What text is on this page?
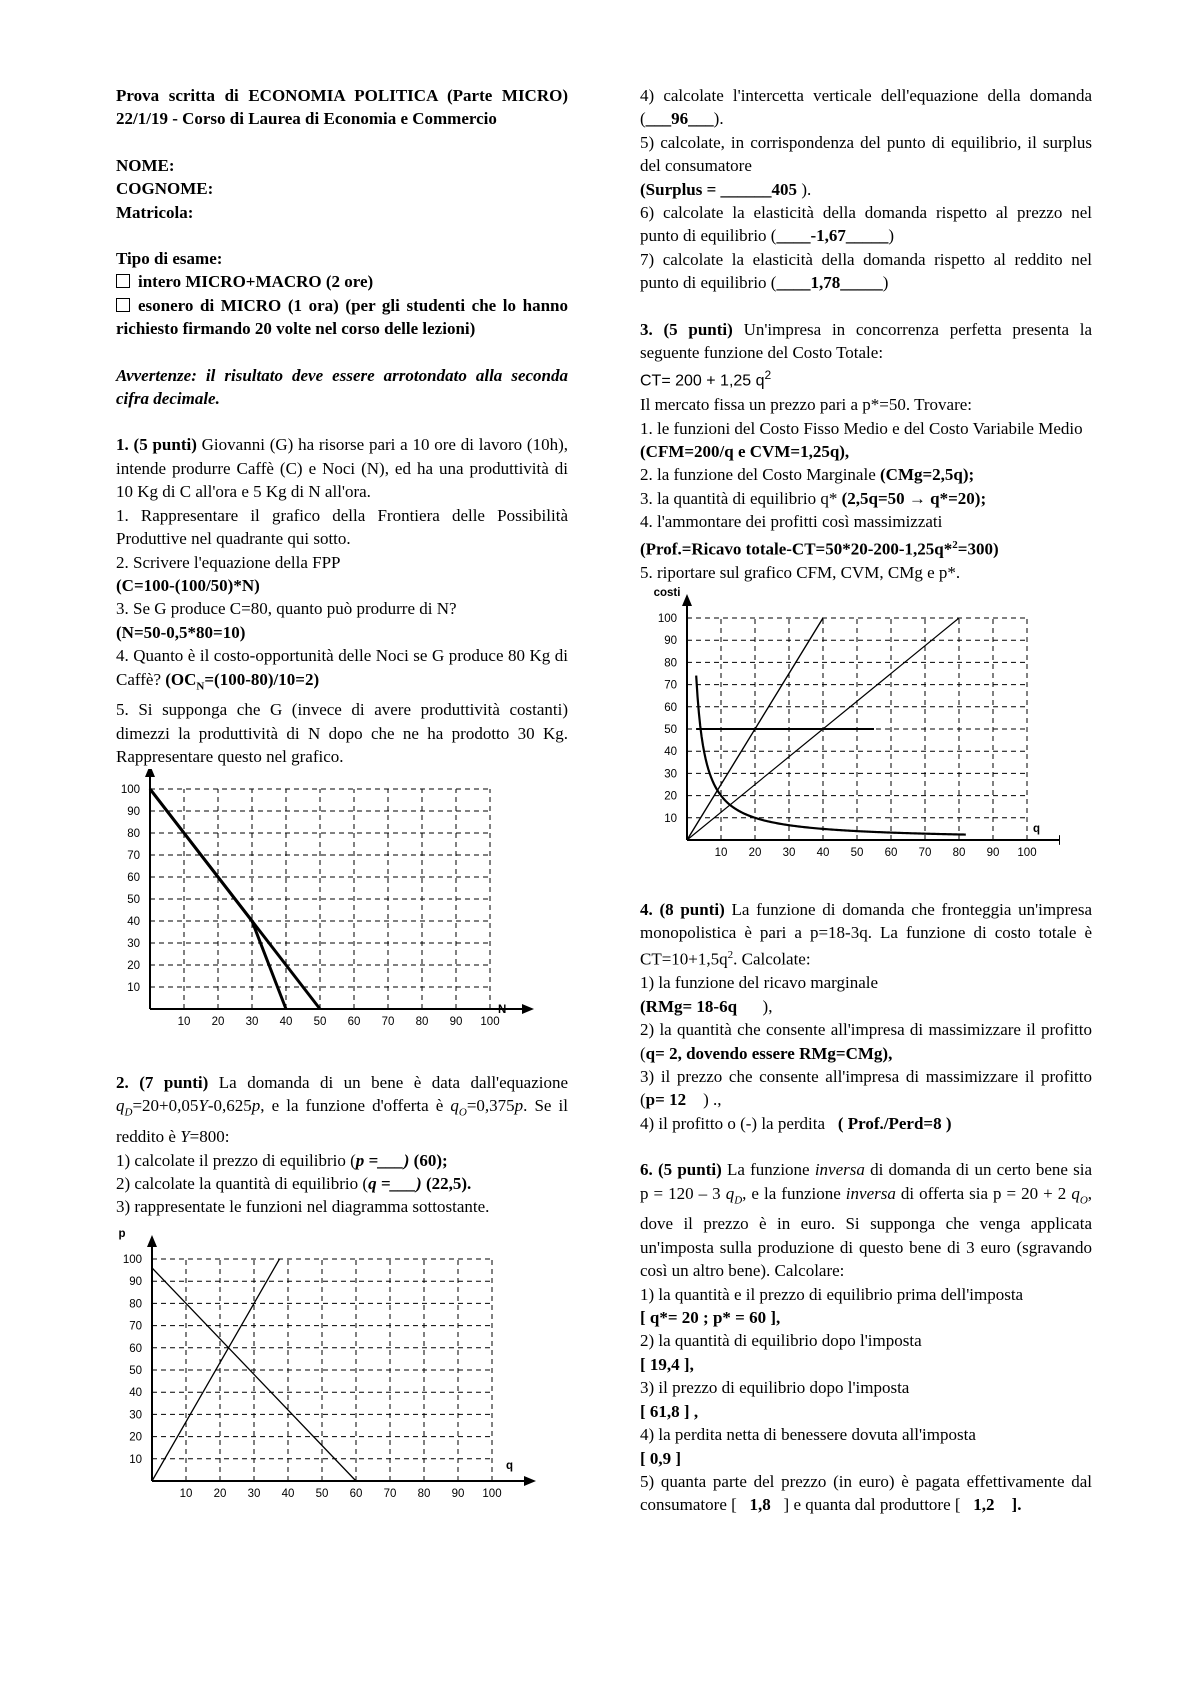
Prova scritta di ECONOMIA POLITICA (Parte MICRO) 22/1/19 - Corso di Laurea di Economia e Commercio

NOME:

COGNOME:

Matricola:

Tipo di esame:

intero MICRO+MACRO (2 ore)

esonero di MICRO (1 ora) (per gli studenti che lo hanno richiesto firmando 20 volte nel corso delle lezioni)

Avvertenze: il risultato deve essere arrotondato alla seconda cifra decimale.

1. (5 punti) Giovanni (G) ha risorse pari a 10 ore di lavoro (10h), intende produrre Caffè (C) e Noci (N), ed ha una produttività di 10 Kg di C all'ora e 5 Kg di N all'ora.

1. Rappresentare il grafico della Frontiera delle Possibilità Produttive nel quadrante qui sotto.

2. Scrivere l'equazione della FPP

(C=100-(100/50)*N)

3. Se G produce C=80, quanto può produrre di N?

(N=50-0,5*80=10)

4. Quanto è il costo-opportunità delle Noci se G produce 80 Kg di Caffè? $(OC_N=(100-80)/10=2)$

5. Si supponga che G (invece di avere produttività costanti) dimezzi la produttività di N dopo che ne ha prodotto 30 Kg. Rappresentare questo nel grafico.

10 20 30 40 50 60 70 80 90 100
10
20
30
40
50
60
70
80
90
100
N

2. (7 punti) La domanda di un bene è data dall'equazione $q_D=20+0,05Y-0,625p$, e la funzione d'offerta è $q_O=0,375p$. Se il reddito è Y=800:

1) calcolate il prezzo di equilibrio (p =___) (60);

2) calcolate la quantità di equilibrio (q =___) (22,5).

3) rappresentate le funzioni nel diagramma sottostante.

10 20 30 40 50 60 70 80 90 100
10
20
30
40
50
60
70
80
90
100
q
p

4) calcolate l'intercetta verticale dell'equazione della domanda (___96___).

5) calcolate, in corrispondenza del punto di equilibrio, il surplus del consumatore

(Surplus = ______405 ).

6) calcolate la elasticità della domanda rispetto al prezzo nel punto di equilibrio (____-1,67_____)

7) calcolate la elasticità della domanda rispetto al reddito nel punto di equilibrio (____1,78_____)

3. (5 punti) Un'impresa in concorrenza perfetta presenta la seguente funzione del Costo Totale:

CT= 200 + 1,25 $q^2$

Il mercato fissa un prezzo pari a p*=50. Trovare:

1. le funzioni del Costo Fisso Medio e del Costo Variabile Medio (CFM=200/q e CVM=1,25q),

2. la funzione del Costo Marginale (CMg=2,5q);

3. la quantità di equilibrio q* (2,5q=50 → q*=20);

4. l'ammontare dei profitti così massimizzati

(Prof.=Ricavo totale-CT=50*20-200-1,25q*$^2$=300)

5. riportare sul grafico CFM, CVM, CMg e p*.

10 20 30 40 50 60 70 80 90 100
10
20
30
40
50
60
70
80
90
100
q
costi

4. (8 punti) La funzione di domanda che fronteggia un'impresa monopolistica è pari a p=18-3q. La funzione di costo totale è $CT=10+1,5q^2$. Calcolate:

1) la funzione del ricavo marginale

(RMg= 18-6q ),

2) la quantità che consente all'impresa di massimizzare il profitto (q= 2, dovendo essere RMg=CMg),

3) il prezzo che consente all'impresa di massimizzare il profitto (p= 12 ) .,

4) il profitto o (-) la perdita ( Prof./Perd=8 )

6. (5 punti) La funzione inversa di domanda di un certo bene sia p = 120 – 3 $q_D$, e la funzione inversa di offerta sia p = 20 + 2 $q_O$, dove il prezzo è in euro. Si supponga che venga applicata un'imposta sulla produzione di questo bene di 3 euro (sgravando così un altro bene). Calcolare:

1) la quantità e il prezzo di equilibrio prima dell'imposta

[ q*= 20 ; p* = 60 ],

2) la quantità di equilibrio dopo l'imposta

[ 19,4 ],

3) il prezzo di equilibrio dopo l'imposta

[ 61,8 ] ,

4) la perdita netta di benessere dovuta all'imposta

[ 0,9 ]

5) quanta parte del prezzo (in euro) è pagata effettivamente dal consumatore [ 1,8 ] e quanta dal produttore [ 1,2 ].
